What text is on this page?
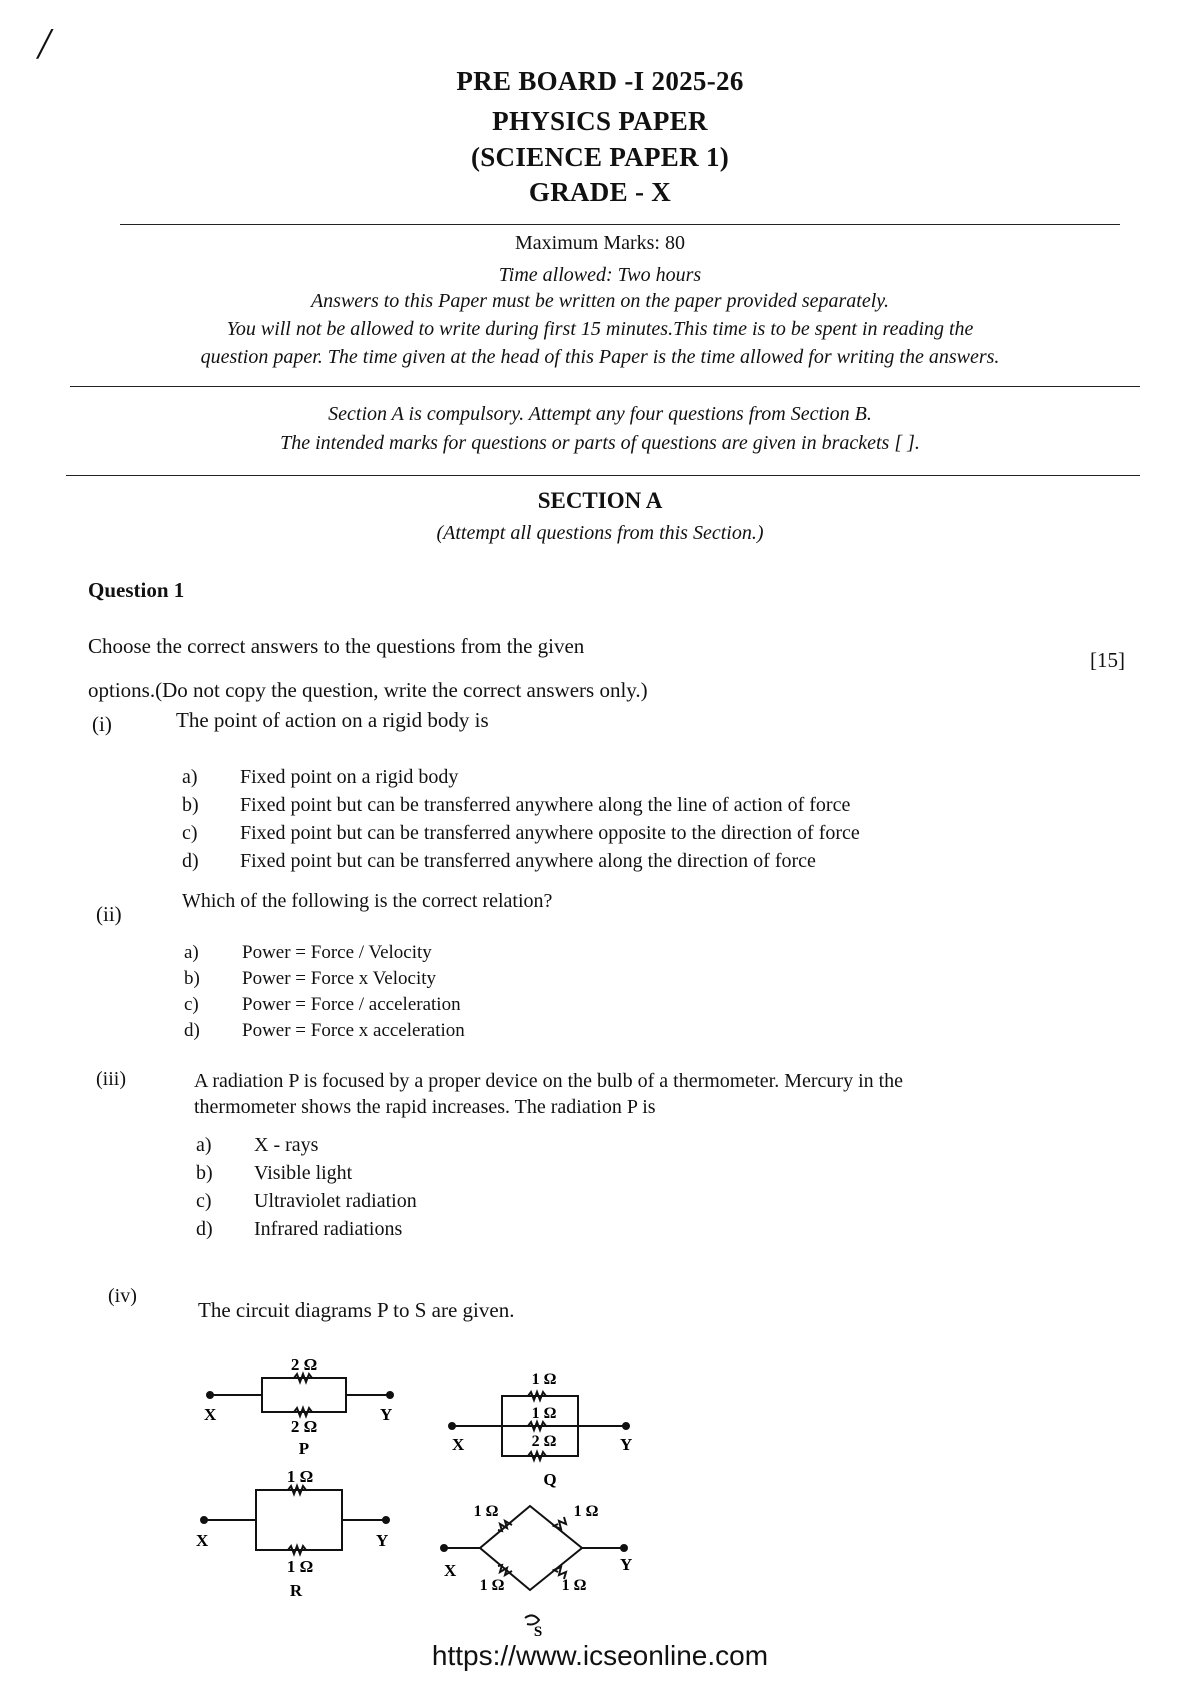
/
PRE BOARD -I 2025-26
PHYSICS PAPER
(SCIENCE PAPER 1)
GRADE - X
Maximum Marks: 80
Time allowed: Two hours
Answers to this Paper must be written on the paper provided separately.
You will not be allowed to write during first 15 minutes.This time is to be spent in reading the
question paper. The time given at the head of this Paper is the time allowed for writing the answers.
Section A is compulsory. Attempt any four questions from Section B.
The intended marks for questions or parts of questions are given in brackets [ ].
SECTION A
(Attempt all questions from this Section.)
Question 1
Choose the correct answers to the questions from the given
[15]
options.(Do not copy the question, write the correct answers only.)
(i)	The point of action on a rigid body is
a) Fixed point on a rigid body
b) Fixed point but can be transferred anywhere along the line of action of force
c) Fixed point but can be transferred anywhere opposite to the direction of force
d) Fixed point but can be transferred anywhere along the direction of force
(ii)
Which of the following is the correct relation?
a) Power = Force / Velocity
b) Power = Force x Velocity
c) Power = Force / acceleration
d) Power = Force x acceleration
(iii)	A radiation P is focused by a proper device on the bulb of a thermometer. Mercury in the
thermometer shows the rapid increases. The radiation P is
a) X - rays
b) Visible light
c) Ultraviolet radiation
d) Infrared radiations
(iv)
The circuit diagrams P to S are given.
2 Ω
2 Ω
P
X	Y
1 Ω
1 Ω
2 Ω
Q
X	Y
1 Ω
1 Ω
R
X	Y
1 Ω	1 Ω
1 Ω	1 Ω
S
X	Y
https://www.icseonline.com
